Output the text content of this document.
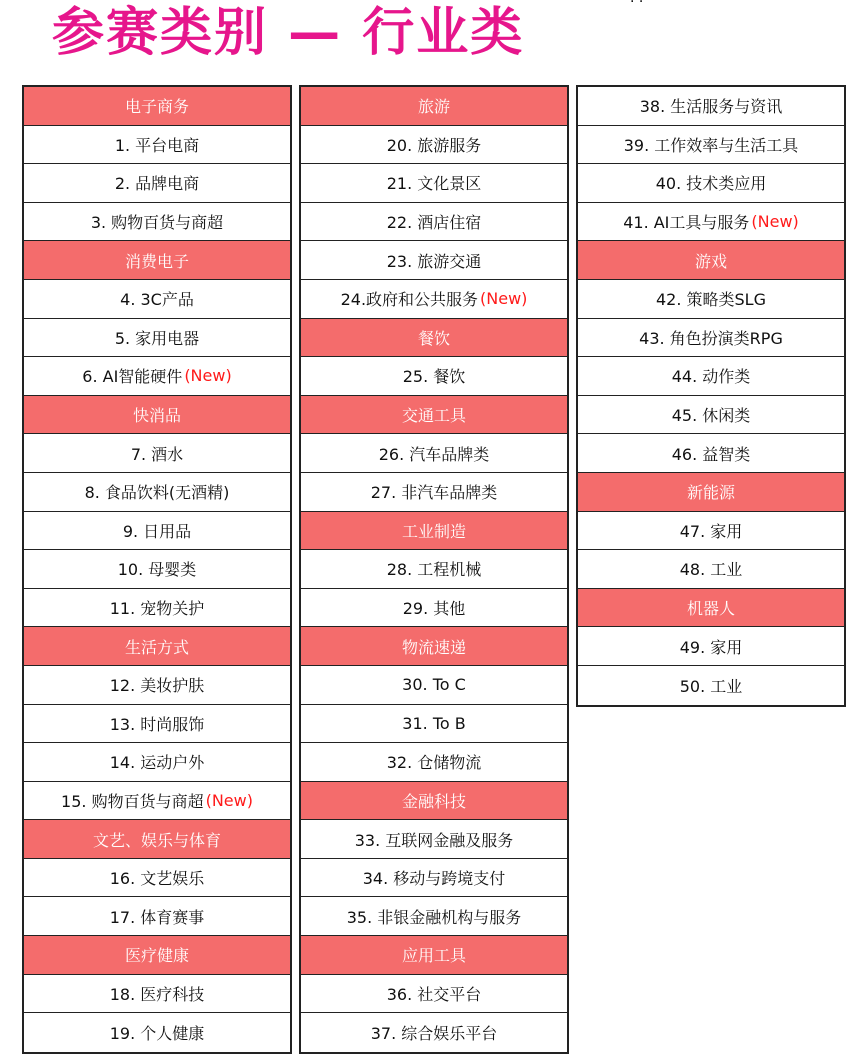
参赛类别 — 行业类
· ·
电子商务
1. 平台电商
2. 品牌电商
3. 购物百货与商超
消费电子
4. 3C产品
5. 家用电器
6. AI智能硬件 (New)
快消品
7. 酒水
8. 食品饮料(无酒精)
9. 日用品
10. 母婴类
11. 宠物关护
生活方式
12. 美妆护肤
13. 时尚服饰
14. 运动户外
15. 购物百货与商超 (New)
文艺、娱乐与体育
16. 文艺娱乐
17. 体育赛事
医疗健康
18. 医疗科技
19. 个人健康
旅游
20. 旅游服务
21. 文化景区
22. 酒店住宿
23. 旅游交通
24.政府和公共服务 (New)
餐饮
25. 餐饮
交通工具
26. 汽车品牌类
27. 非汽车品牌类
工业制造
28. 工程机械
29. 其他
物流速递
30. To C
31. To B
32. 仓储物流
金融科技
33. 互联网金融及服务
34. 移动与跨境支付
35. 非银金融机构与服务
应用工具
36. 社交平台
37. 综合娱乐平台
38. 生活服务与资讯
39. 工作效率与生活工具
40. 技术类应用
41. AI工具与服务 (New)
游戏
42. 策略类SLG
43. 角色扮演类RPG
44. 动作类
45. 休闲类
46. 益智类
新能源
47. 家用
48. 工业
机器人
49. 家用
50. 工业
